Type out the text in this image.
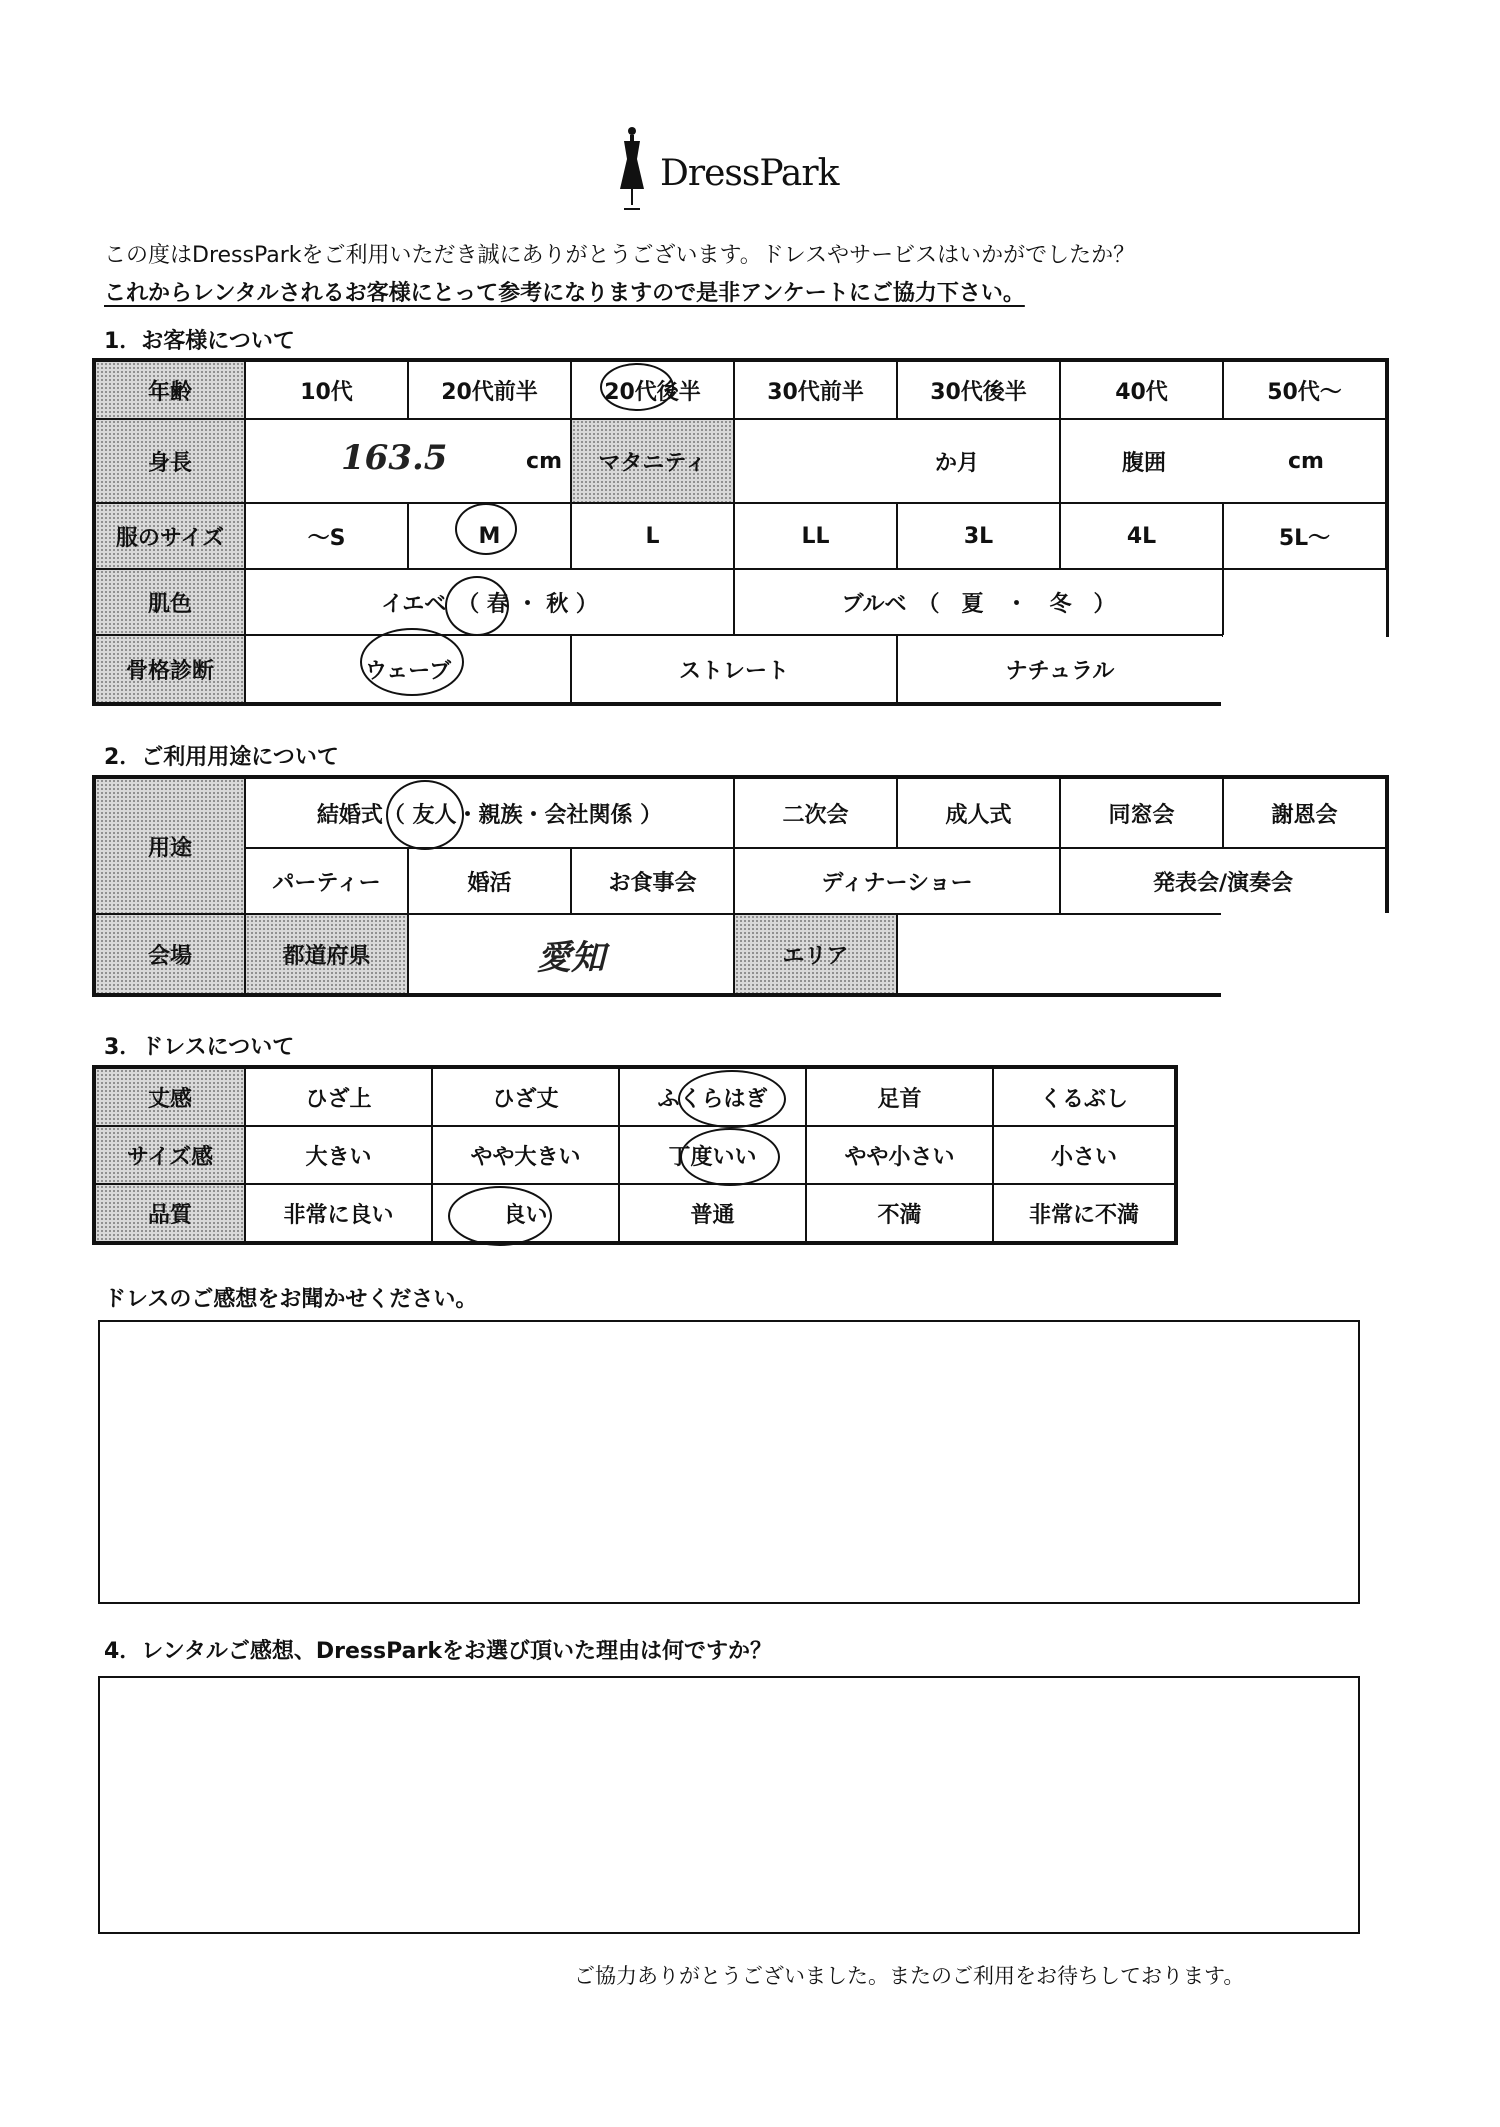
DressPark
この度はDressParkをご利用いただき誠にありがとうございます。ドレスやサービスはいかがでしたか？
これからレンタルされるお客様にとって参考になりますので是非アンケートにご協力下さい。
1．お客様について
年齢	10代	20代前半	20代後半	30代前半	30代後半	40代	50代～
身長	163.5	cm	マタニティ	か月	腹囲	cm
服のサイズ	～S	M	L	LL	3L	4L	5L～
肌色	イエベ　（ 春 ・ 秋 ）	ブルベ　（　夏　・　冬　）
骨格診断	ウェーブ	ストレート	ナチュラル
2．ご利用用途について
用途
結婚式（ 友人・親族・会社関係 ）	二次会	成人式	同窓会	謝恩会
パーティー	婚活	お食事会	ディナーショー	発表会/演奏会
会場	都道府県	愛知	エリア
3．ドレスについて
丈感	ひざ上	ひざ丈	ふくらはぎ	足首	くるぶし
サイズ感	大きい	やや大きい	丁度いい	やや小さい	小さい
品質	非常に良い	良い	普通	不満	非常に不満
ドレスのご感想をお聞かせください。
4．レンタルご感想、DressParkをお選び頂いた理由は何ですか？
ご協力ありがとうございました。またのご利用をお待ちしております。
